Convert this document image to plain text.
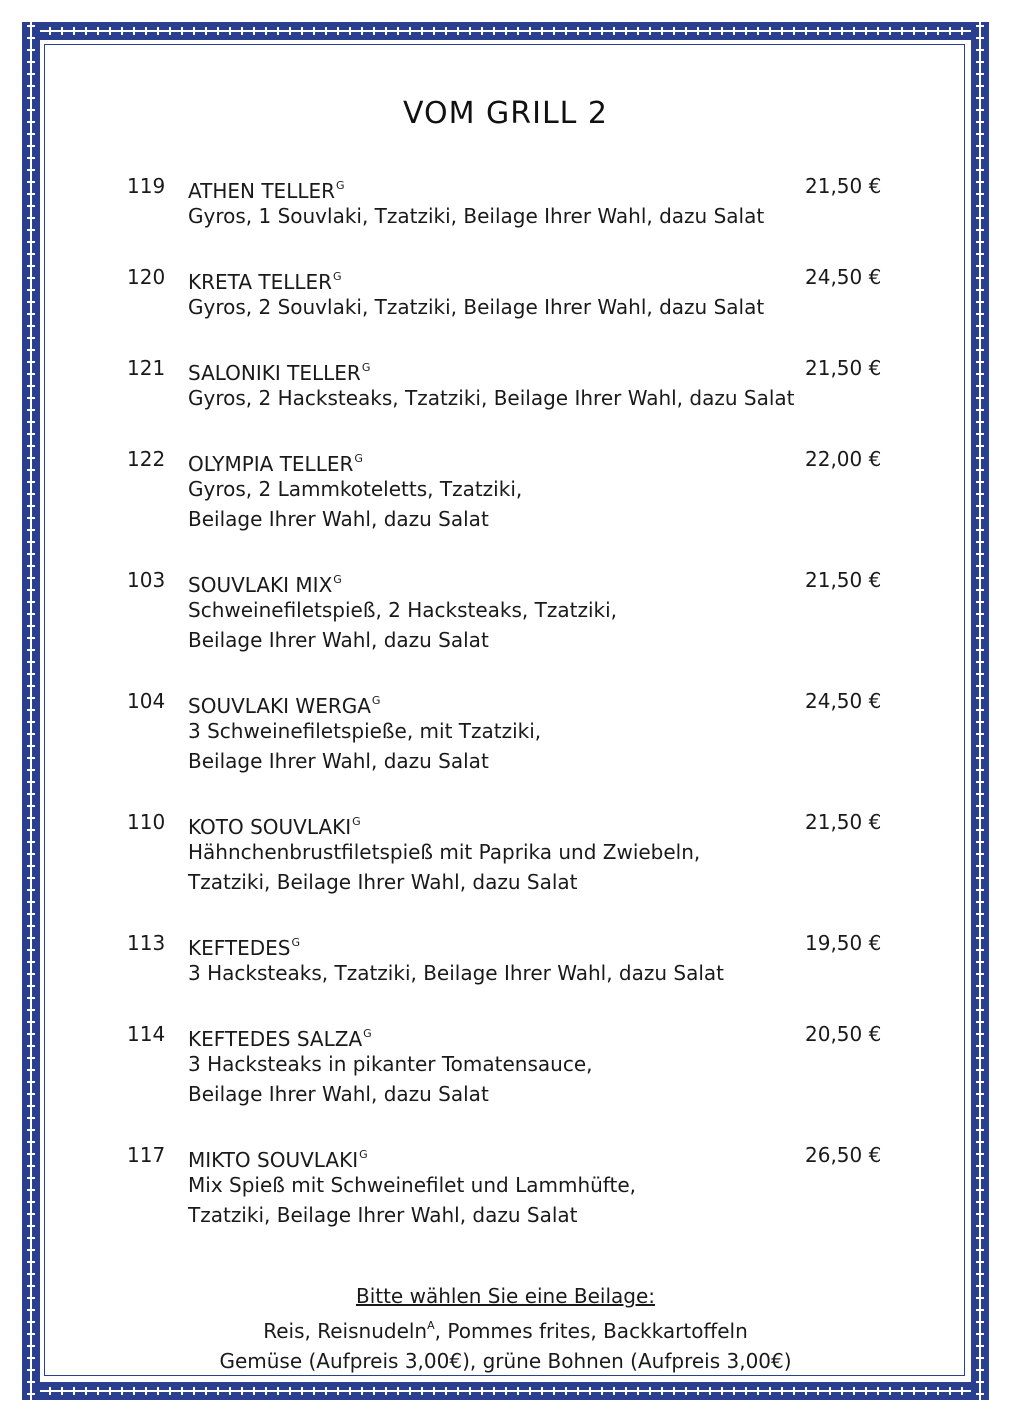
VOM GRILL 2
119 ATHEN $TELLER^G$	21,50 €
Gyros, 1 Souvlaki, Tzatziki, Beilage Ihrer Wahl, dazu Salat
120 KRETA $TELLER^G$	24,50 €
Gyros, 2 Souvlaki, Tzatziki, Beilage Ihrer Wahl, dazu Salat
121 SALONIKI $TELLER^G$	21,50 €
Gyros, 2 Hacksteaks, Tzatziki, Beilage Ihrer Wahl, dazu Salat
122 OLYMPIA $TELLER^G$	22,00 €
Gyros, 2 Lammkoteletts, Tzatziki,
Beilage Ihrer Wahl, dazu Salat
103 SOUVLAKI $MIX^G$	21,50 €
Schweinefiletspieß, 2 Hacksteaks, Tzatziki,
Beilage Ihrer Wahl, dazu Salat
104 SOUVLAKI $WERGA^G$	24,50 €
3 Schweinefiletspieße, mit Tzatziki,
Beilage Ihrer Wahl, dazu Salat
110 KOTO $SOUVLAKI^G$	21,50 €
Hähnchenbrustfiletspieß mit Paprika und Zwiebeln,
Tzatziki, Beilage Ihrer Wahl, dazu Salat
113 $KEFTEDES^G$	19,50 €
3 Hacksteaks, Tzatziki, Beilage Ihrer Wahl, dazu Salat
114 KEFTEDES $SALZA^G$	20,50 €
3 Hacksteaks in pikanter Tomatensauce,
Beilage Ihrer Wahl, dazu Salat
117 MIKTO $SOUVLAKI^G$	26,50 €
Mix Spieß mit Schweinefilet und Lammhüfte,
Tzatziki, Beilage Ihrer Wahl, dazu Salat
Bitte wählen Sie eine Beilage:
Reis, Reisnudeln$^A$, Pommes frites, Backkartoffeln
Gemüse (Aufpreis 3,00€), grüne Bohnen (Aufpreis 3,00€)
